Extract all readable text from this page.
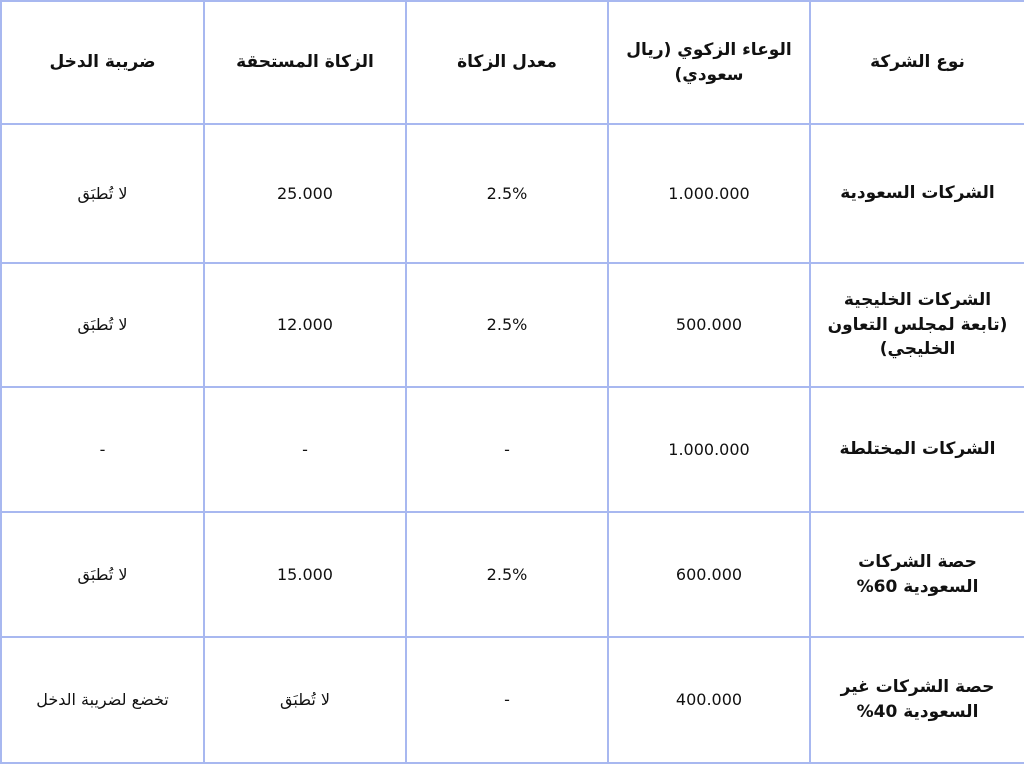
نوع الشركة	الوعاء الزكوي (ريال سعودي)	معدل الزكاة	الزكاة المستحقة	ضريبة الدخل
الشركات السعودية	1.000.000	2.5%	25.000	لا تُطبَق
الشركات الخليجية (تابعة لمجلس التعاون الخليجي)	500.000	2.5%	12.000	لا تُطبَق
الشركات المختلطة	1.000.000	-	-	-
حصة الشركات السعودية 60%	600.000	2.5%	15.000	لا تُطبَق
حصة الشركات غير السعودية 40%	400.000	-	لا تُطبَق	تخضع لضريبة الدخل
